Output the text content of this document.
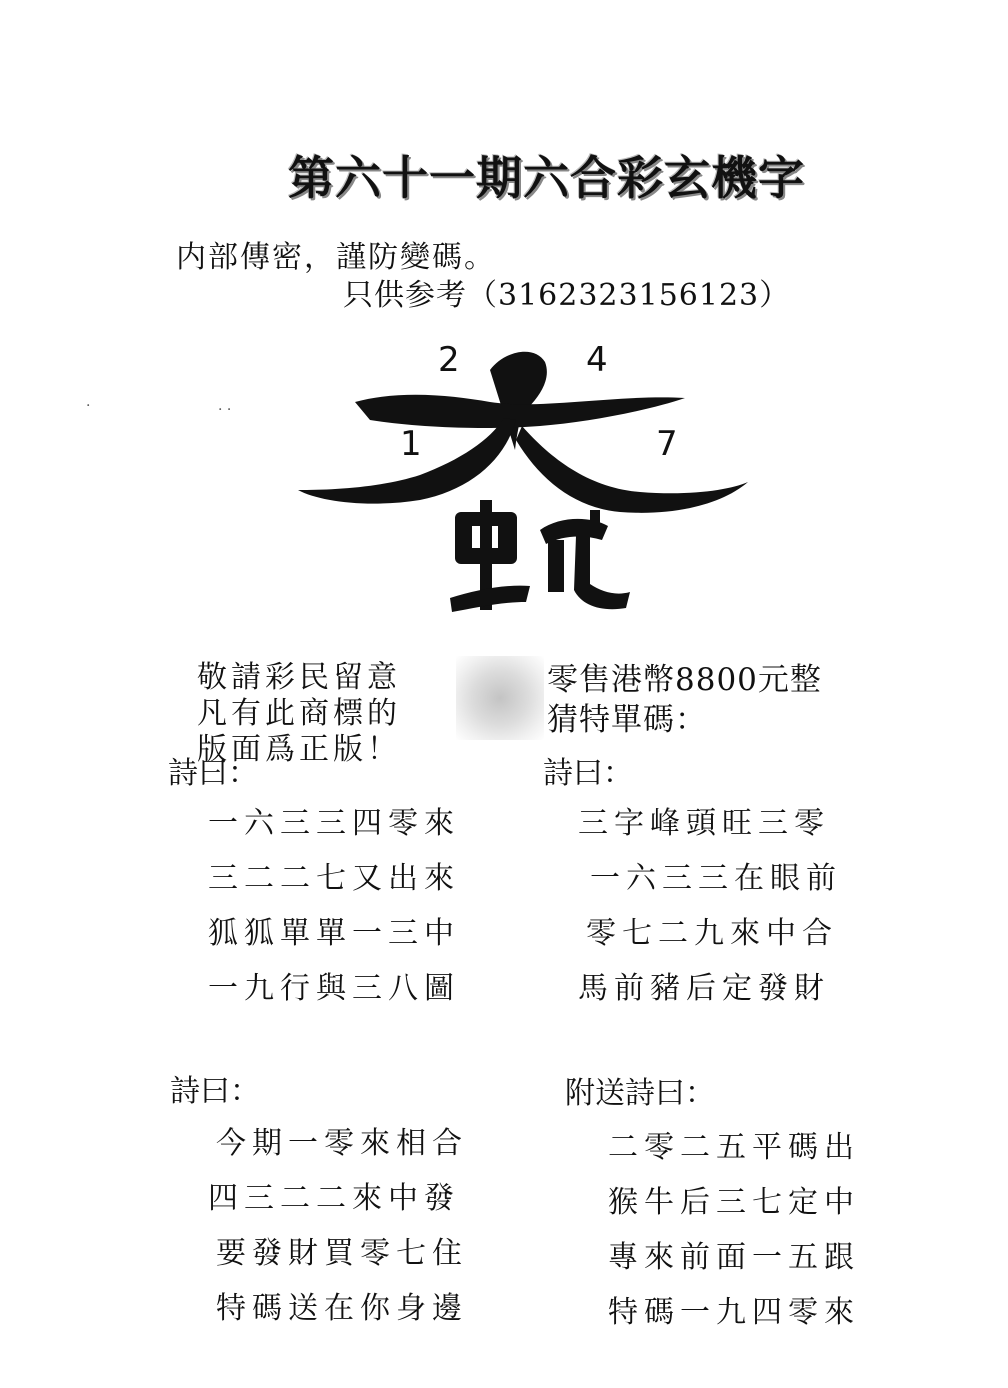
第六十一期六合彩玄機字
内部傳密，謹防變碼。
只供参考（3162323156123）
·	· ·
2	4
1	7
敬請彩民留意
凡有此商標的
版面爲正版！
零售港幣8800元整
猜特單碼：
詩曰：
一六三三四零來
三二二七又出來
狐狐單單一三中
一九行與三八圖
詩曰：
三字峰頭旺三零
一六三三在眼前
零七二九來中合
馬前豬后定發財
詩曰：
今期一零來相合
四三二二來中發
要發財買零七住
特碼送在你身邊
附送詩曰：
二零二五平碼出
猴牛后三七定中
專來前面一五跟
特碼一九四零來
